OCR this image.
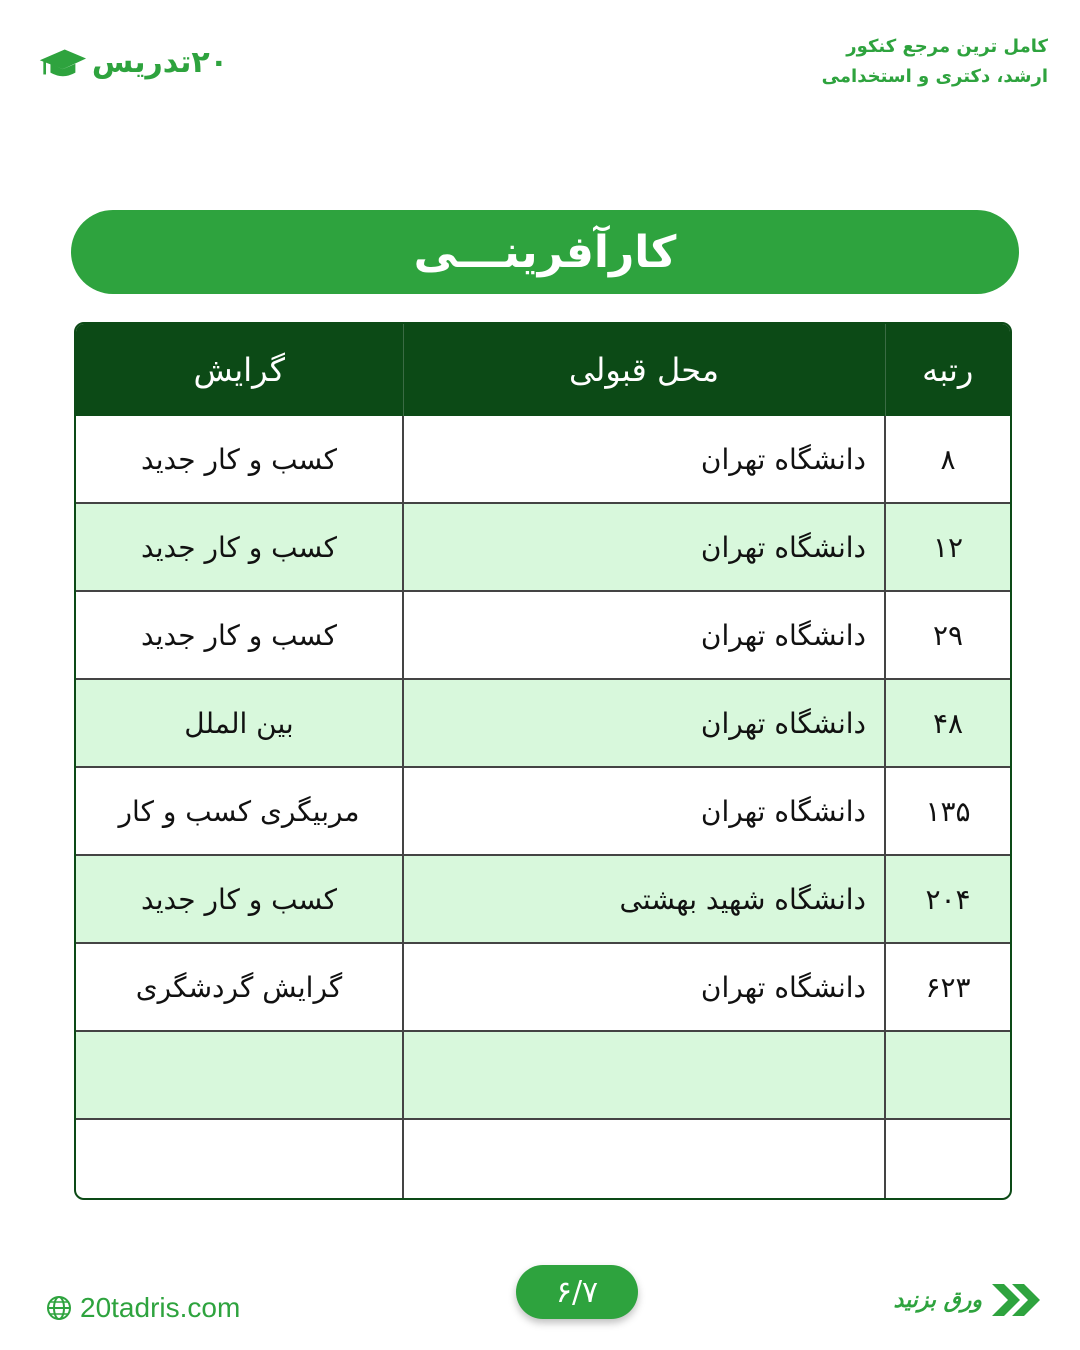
۲۰تدریس	کامل ترین مرجع کنکور
ارشد، دکتری و استخدامی
کارآفرینـــی
رتبه	محل قبولی	گرایش
۸	دانشگاه تهران	کسب و کار جدید
۱۲	دانشگاه تهران	کسب و کار جدید
۲۹	دانشگاه تهران	کسب و کار جدید
۴۸	دانشگاه تهران	بین الملل
۱۳۵	دانشگاه تهران	مربیگری کسب و کار
۲۰۴	دانشگاه شهید بهشتی	کسب و کار جدید
۶۲۳	دانشگاه تهران	گرایش گردشگری

20tadris.com	۶/۷	ورق بزنید
